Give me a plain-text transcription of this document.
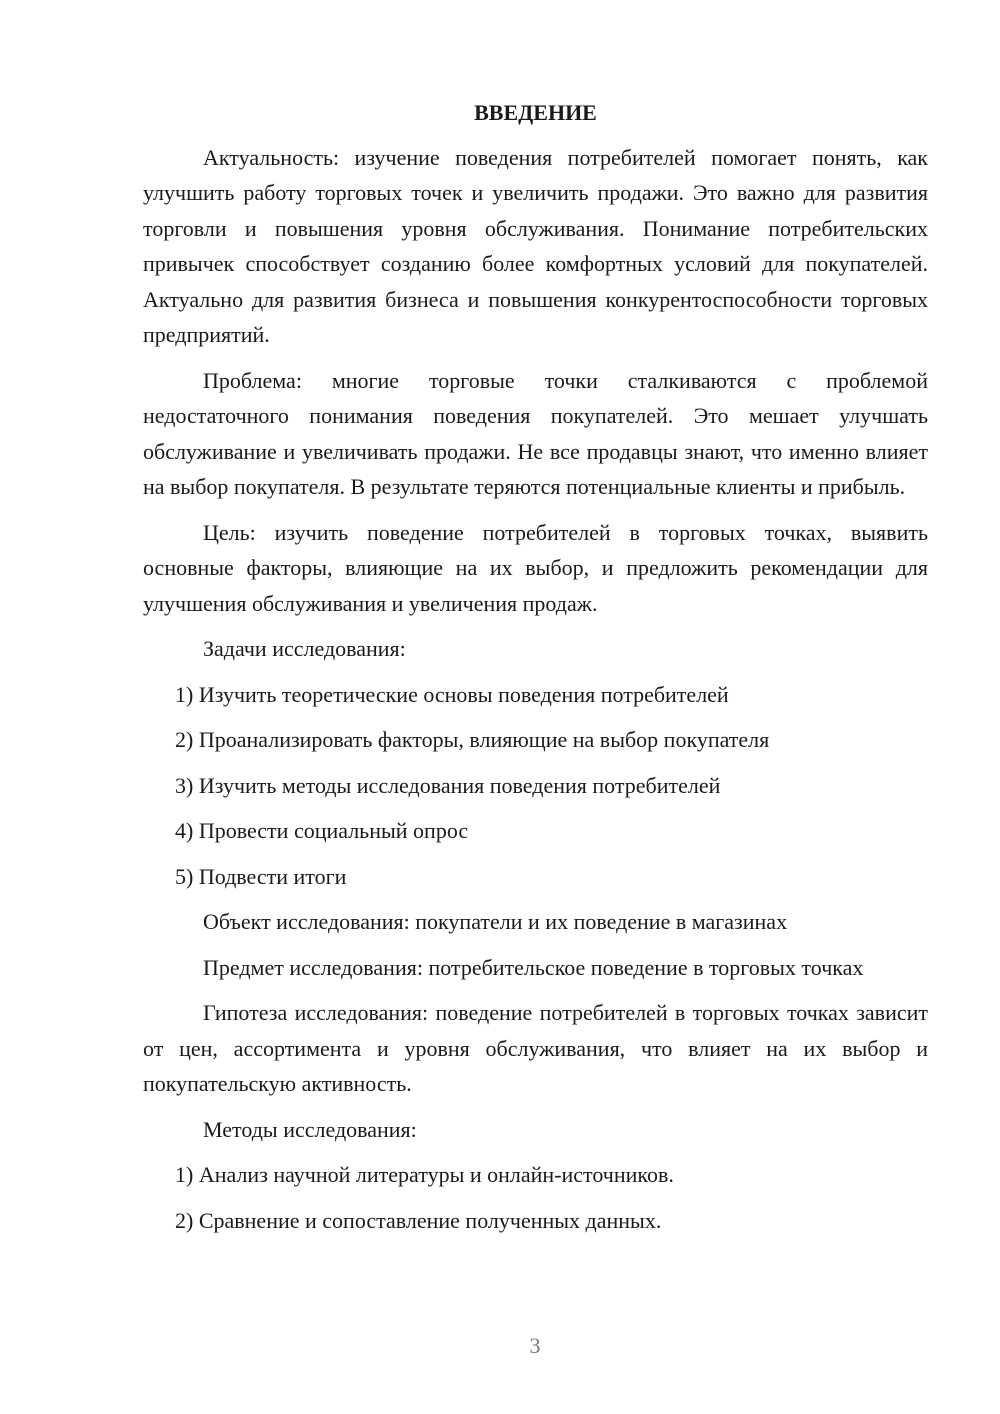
ВВЕДЕНИЕ

Актуальность: изучение поведения потребителей помогает понять, как улучшить работу торговых точек и увеличить продажи. Это важно для развития торговли и повышения уровня обслуживания. Понимание потребительских привычек способствует созданию более комфортных условий для покупателей. Актуально для развития бизнеса и повышения конкурентоспособности торговых предприятий.

Проблема: многие торговые точки сталкиваются с проблемой недостаточного понимания поведения покупателей. Это мешает улучшать обслуживание и увеличивать продажи. Не все продавцы знают, что именно влияет на выбор покупателя. В результате теряются потенциальные клиенты и прибыль.

Цель: изучить поведение потребителей в торговых точках, выявить основные факторы, влияющие на их выбор, и предложить рекомендации для улучшения обслуживания и увеличения продаж.

Задачи исследования:

1) Изучить теоретические основы поведения потребителей
2) Проанализировать факторы, влияющие на выбор покупателя
3) Изучить методы исследования поведения потребителей
4) Провести социальный опрос
5) Подвести итоги

Объект исследования: покупатели и их поведение в магазинах

Предмет исследования: потребительское поведение в торговых точках

Гипотеза исследования: поведение потребителей в торговых точках зависит от цен, ассортимента и уровня обслуживания, что влияет на их выбор и покупательскую активность.

Методы исследования:

1) Анализ научной литературы и онлайн-источников.
2) Сравнение и сопоставление полученных данных.
3
